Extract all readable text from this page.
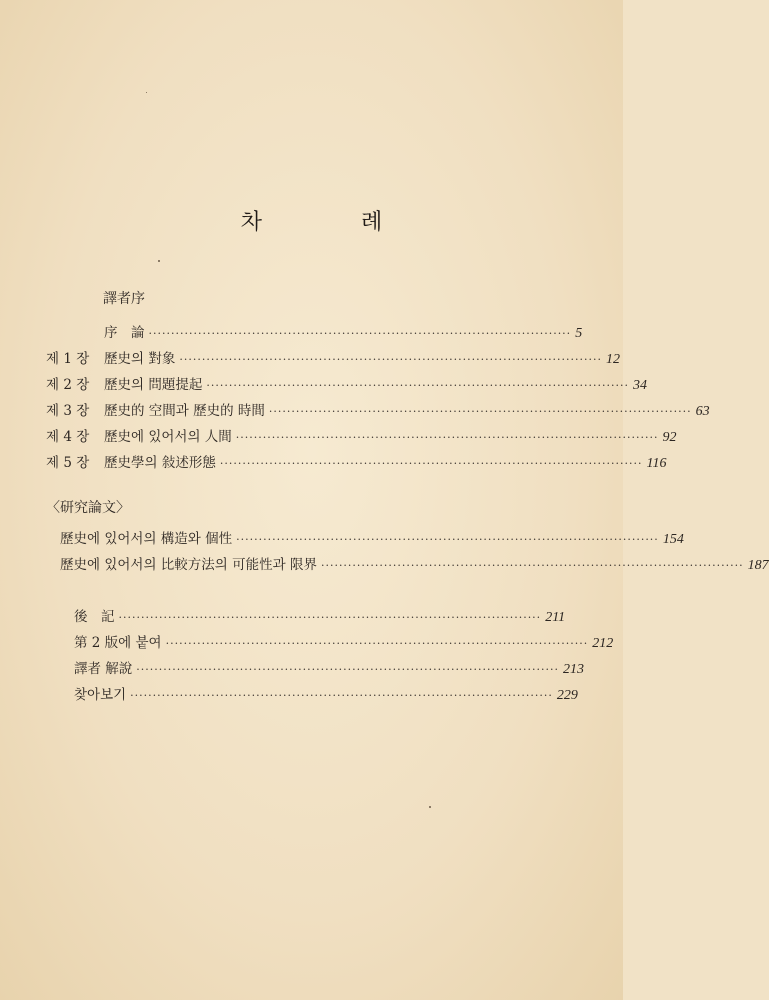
차 례
譯者序
序　論 ······························································································ 5
제 1 장	歷史의 對象 ······························································································ 12
제 2 장	歷史의 問題提起 ······························································································ 34
제 3 장	歷史的 空間과 歷史的 時間 ······························································································ 63
제 4 장	歷史에 있어서의 人間 ······························································································ 92
제 5 장	歷史學의 敍述形態 ······························································································ 116
〈研究論文〉
歷史에 있어서의 構造와 個性 ······························································································ 154
歷史에 있어서의 比較方法의 可能性과 限界 ······························································································ 187
後　記 ······························································································ 211
第 2 版에 붙여 ······························································································ 212
譯者 解說 ······························································································ 213
찾아보기 ······························································································ 229
